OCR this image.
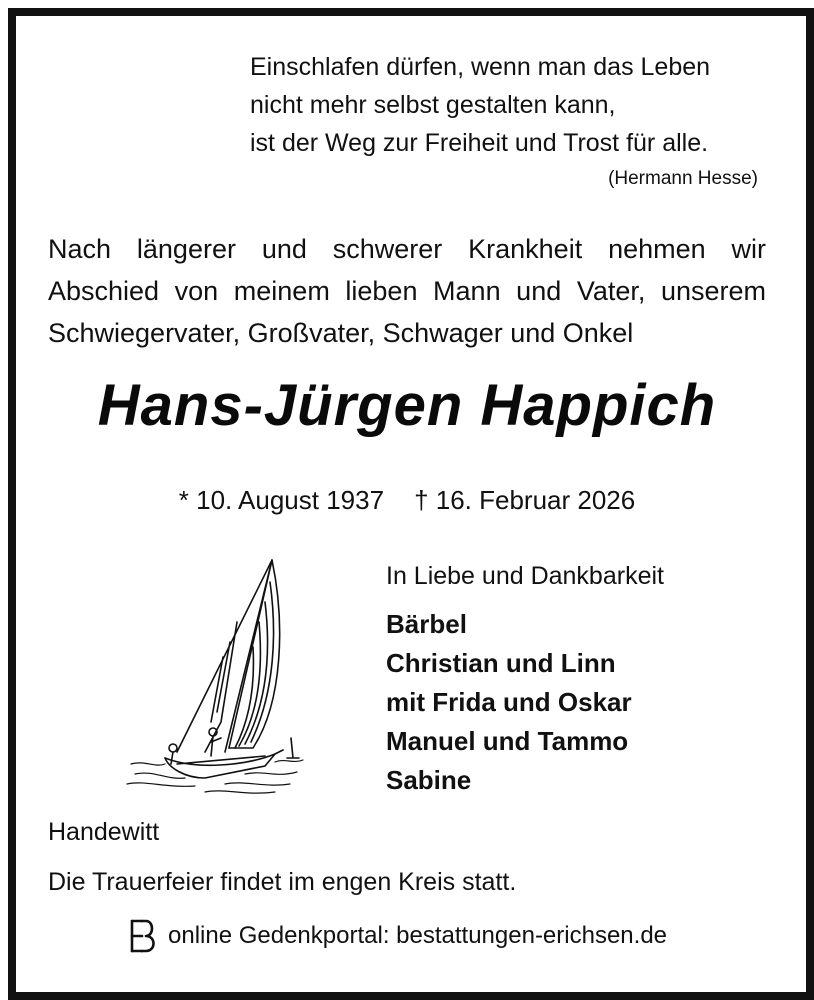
Einschlafen dürfen, wenn man das Leben
nicht mehr selbst gestalten kann,
ist der Weg zur Freiheit und Trost für alle.
(Hermann Hesse)
Nach längerer und schwerer Krankheit nehmen wir
Abschied von meinem lieben Mann und Vater, unserem
Schwiegervater, Großvater, Schwager und Onkel
Hans-Jürgen Happich
* 10. August 1937 † 16. Februar 2026
In Liebe und Dankbarkeit
Bärbel
Christian und Linn
mit Frida und Oskar
Manuel und Tammo
Sabine
Handewitt
Die Trauerfeier findet im engen Kreis statt.
online Gedenkportal: bestattungen-erichsen.de
